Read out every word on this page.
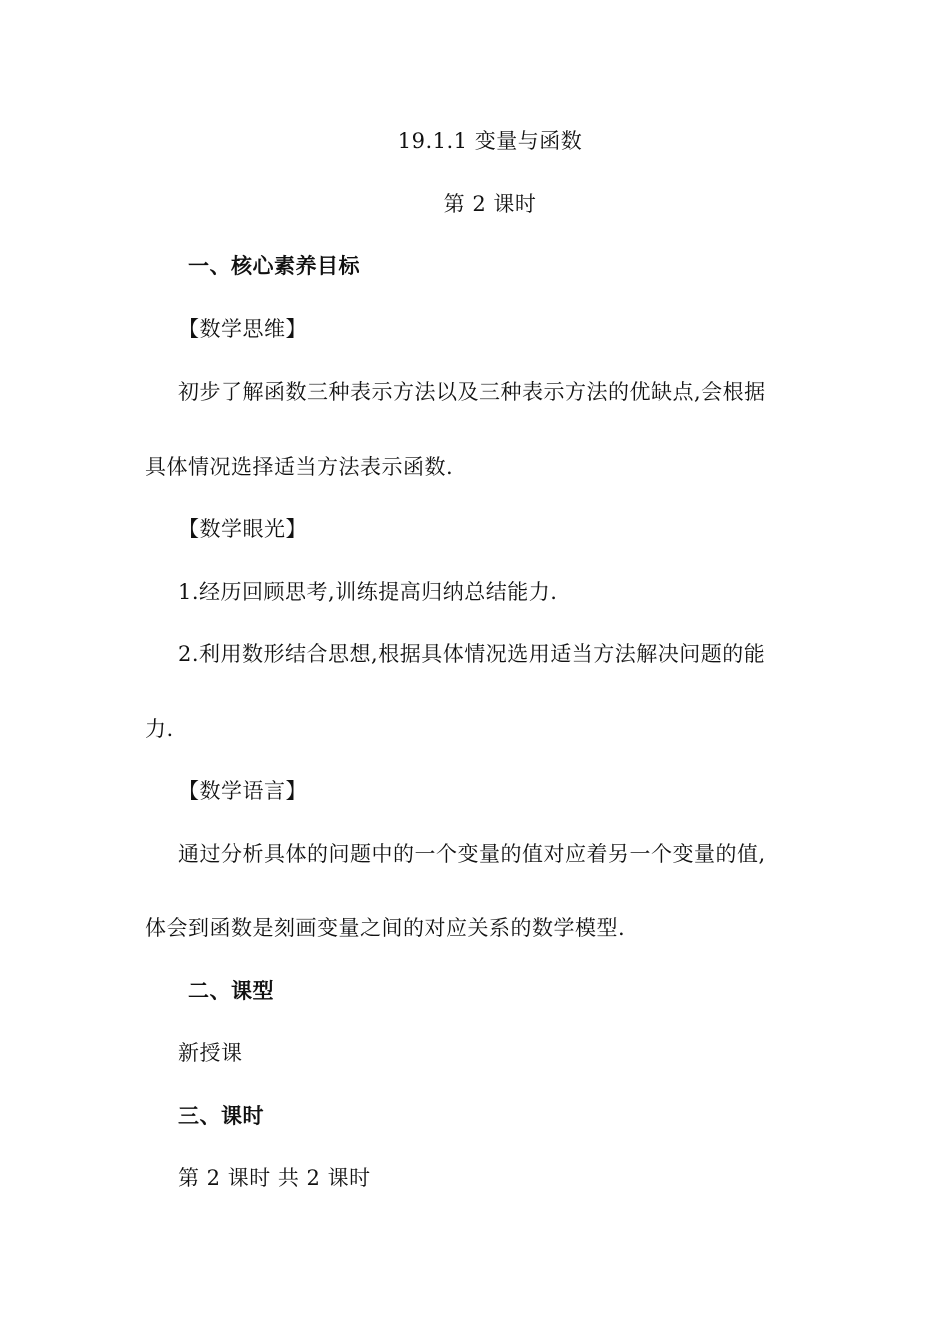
19.1.1 变量与函数
第 2 课时
一、核心素养目标
【数学思维】
初步了解函数三种表示方法以及三种表示方法的优缺点,会根据
具体情况选择适当方法表示函数.
【数学眼光】
1.经历回顾思考,训练提高归纳总结能力.
2.利用数形结合思想,根据具体情况选用适当方法解决问题的能
力.
【数学语言】
通过分析具体的问题中的一个变量的值对应着另一个变量的值,
体会到函数是刻画变量之间的对应关系的数学模型.
二、课型
新授课
三、课时
第 2 课时 共 2 课时
